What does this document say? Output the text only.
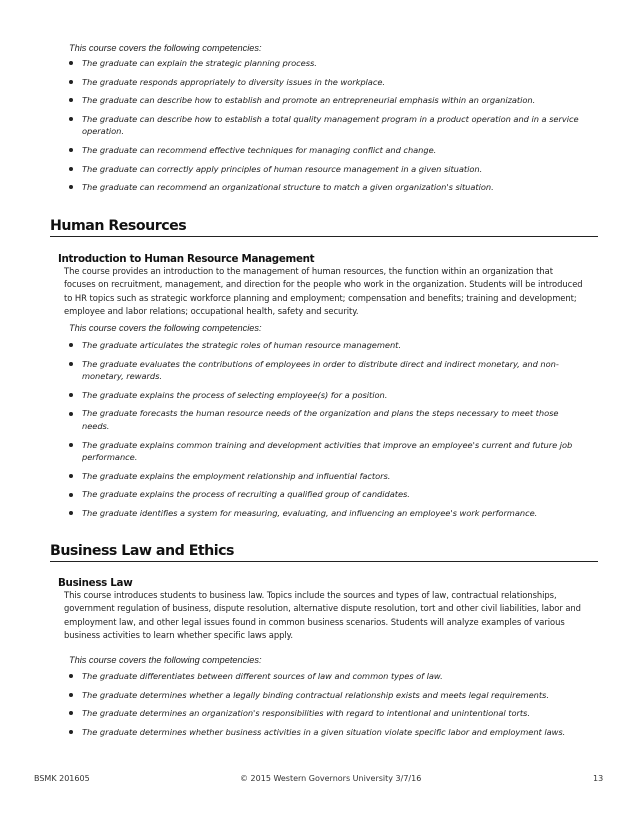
This course covers the following competencies:
The graduate can explain the strategic planning process.
The graduate responds appropriately to diversity issues in the workplace.
The graduate can describe how to establish and promote an entrepreneurial emphasis within an organization.
The graduate can describe how to establish a total quality management program in a product operation and in a service operation.
The graduate can recommend effective techniques for managing conflict and change.
The graduate can correctly apply principles of human resource management in a given situation.
The graduate can recommend an organizational structure to match a given organization's situation.
Human Resources
Introduction to Human Resource Management

The course provides an introduction to the management of human resources, the function within an organization that focuses on recruitment, management, and direction for the people who work in the organization. Students will be introduced to HR topics such as strategic workforce planning and employment; compensation and benefits; training and development; employee and labor relations; occupational health, safety and security.

This course covers the following competencies:
The graduate articulates the strategic roles of human resource management.
The graduate evaluates the contributions of employees in order to distribute direct and indirect monetary, and non-monetary, rewards.
The graduate explains the process of selecting employee(s) for a position.
The graduate forecasts the human resource needs of the organization and plans the steps necessary to meet those needs.
The graduate explains common training and development activities that improve an employee's current and future job performance.
The graduate explains the employment relationship and influential factors.
The graduate explains the process of recruiting a qualified group of candidates.
The graduate identifies a system for measuring, evaluating, and influencing an employee's work performance.
Business Law and Ethics
Business Law

This course introduces students to business law. Topics include the sources and types of law, contractual relationships, government regulation of business, dispute resolution, alternative dispute resolution, tort and other civil liabilities, labor and employment law, and other legal issues found in common business scenarios. Students will analyze examples of various business activities to learn whether specific laws apply.

This course covers the following competencies:
The graduate differentiates between different sources of law and common types of law.
The graduate determines whether a legally binding contractual relationship exists and meets legal requirements.
The graduate determines an organization's responsibilities with regard to intentional and unintentional torts.
The graduate determines whether business activities in a given situation violate specific labor and employment laws.
BSMK 201605	© 2015 Western Governors University 3/7/16	13
